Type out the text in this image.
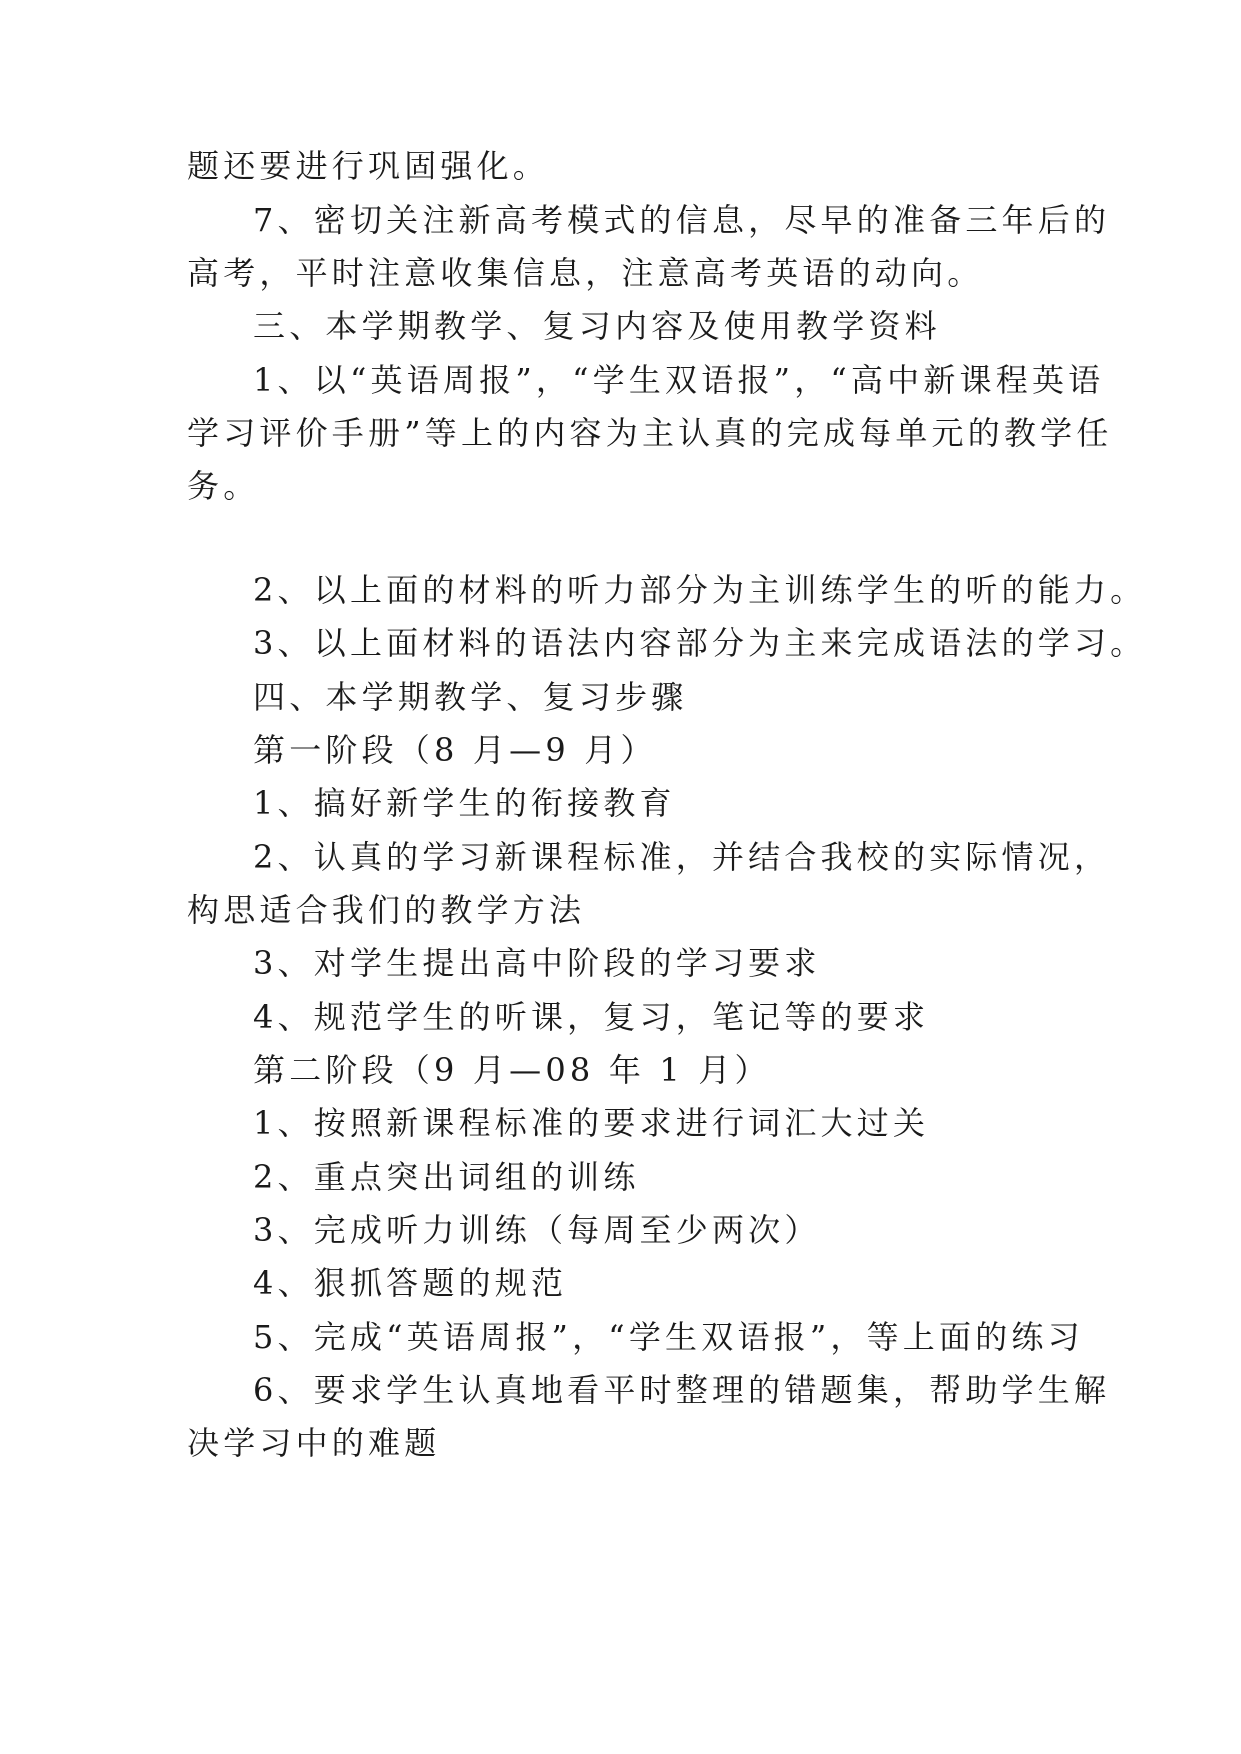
题还要进行巩固强化。
7、密切关注新高考模式的信息，尽早的准备三年后的
高考，平时注意收集信息，注意高考英语的动向。
三、本学期教学、复习内容及使用教学资料
1、以“英语周报”，“学生双语报”，“高中新课程英语
学习评价手册”等上的内容为主认真的完成每单元的教学任
务。
2、以上面的材料的听力部分为主训练学生的听的能力。
3、以上面材料的语法内容部分为主来完成语法的学习。
四、本学期教学、复习步骤
第一阶段（8 月—9 月）
1、搞好新学生的衔接教育
2、认真的学习新课程标准，并结合我校的实际情况，
构思适合我们的教学方法
3、对学生提出高中阶段的学习要求
4、规范学生的听课，复习，笔记等的要求
第二阶段（9 月—08 年 1 月）
1、按照新课程标准的要求进行词汇大过关
2、重点突出词组的训练
3、完成听力训练（每周至少两次）
4、狠抓答题的规范
5、完成“英语周报”，“学生双语报”，等上面的练习
6、要求学生认真地看平时整理的错题集，帮助学生解
决学习中的难题
